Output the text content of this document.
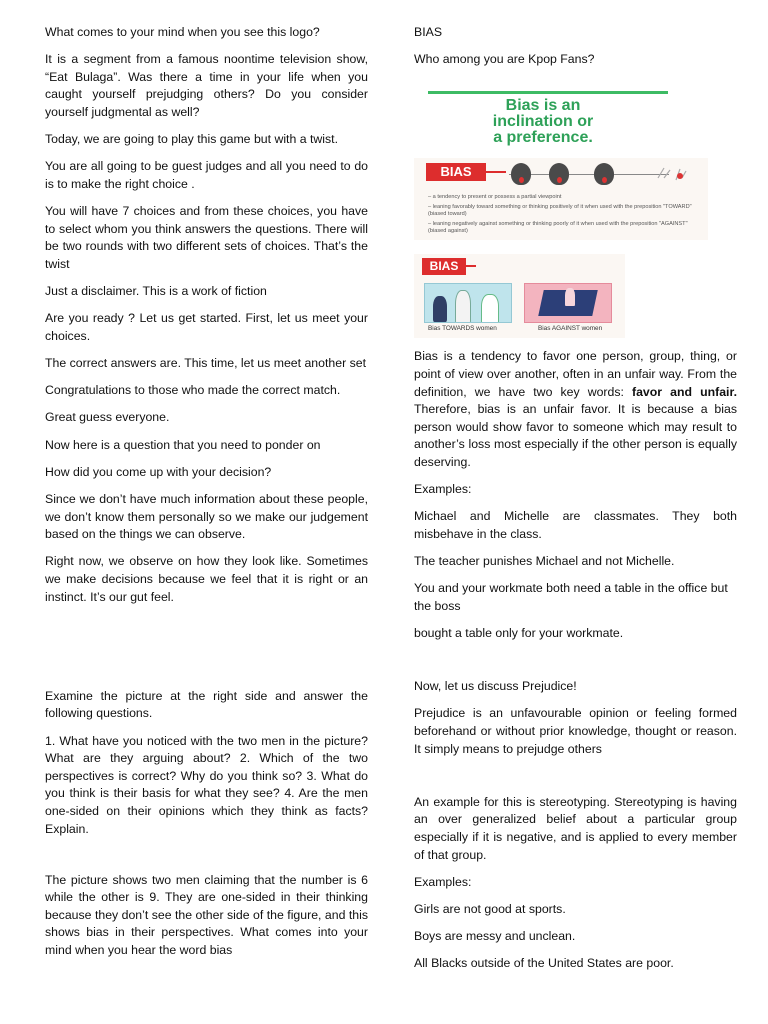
What comes to your mind when you see this logo?

It is a segment from a famous noontime television show, “Eat Bulaga”. Was there a time in your life when you caught yourself prejudging others? Do you consider yourself judgmental as well?

Today, we are going to play this game but with a twist.

You are all going to be guest judges and all you need to do is to make the right choice .

You will have 7 choices and from these choices, you have to select whom you think answers the questions. There will be two rounds with two different sets of choices. That’s the twist

Just a disclaimer. This is a work of fiction

Are you ready ? Let us get started. First, let us meet your choices.

The correct answers are. This time, let us meet another set

Congratulations to those who made the correct match.

Great guess everyone.

Now here is a question that you need to ponder on

How did you come up with your decision?

Since we don’t have much information about these people, we don’t know them personally so we make our judgement based on the things we can observe.

Right now, we observe on how they look like. Sometimes we make decisions because we feel that it is right or an instinct. It’s our gut feel.

Examine the picture at the right side and answer the following questions.

1. What have you noticed with the two men in the picture? What are they arguing about? 2. Which of the two perspectives is correct? Why do you think so? 3. What do you think is their basis for what they see? 4. Are the men one-sided on their opinions which they think as facts? Explain.

The picture shows two men claiming that the number is 6 while the other is 9. They are one-sided in their thinking because they don’t see the other side of the figure, and this shows bias in their perspectives. What comes into your mind when you hear the word bias

BIAS

Who among you are Kpop Fans?

Bias is an
inclination or
a preference.
BIAS
– a tendency to present or possess a partial viewpoint
– leaning favorably toward something or thinking positively of it when used with the preposition "TOWARD" (biased toward)
– leaning negatively against something or thinking poorly of it when used with the preposition "AGAINST" (biased against)
BIAS
Bias TOWARDS women	Bias AGAINST women

Bias is a tendency to favor one person, group, thing, or point of view over another, often in an unfair way. From the definition, we have two key words: favor and unfair. Therefore, bias is an unfair favor. It is because a bias person would show favor to someone which may result to another’s loss most especially if the other person is equally deserving.

Examples:

Michael and Michelle are classmates. They both misbehave in the class.

The teacher punishes Michael and not Michelle.

You and your workmate both need a table in the office but the boss

bought a table only for your workmate.

Now, let us discuss Prejudice!

Prejudice is an unfavourable opinion or feeling formed beforehand or without prior knowledge, thought or reason. It simply means to prejudge others

An example for this is stereotyping. Stereotyping is having an over generalized belief about a particular group especially if it is negative, and is applied to every member of that group.

Examples:

Girls are not good at sports.

Boys are messy and unclean.

All Blacks outside of the United States are poor.
